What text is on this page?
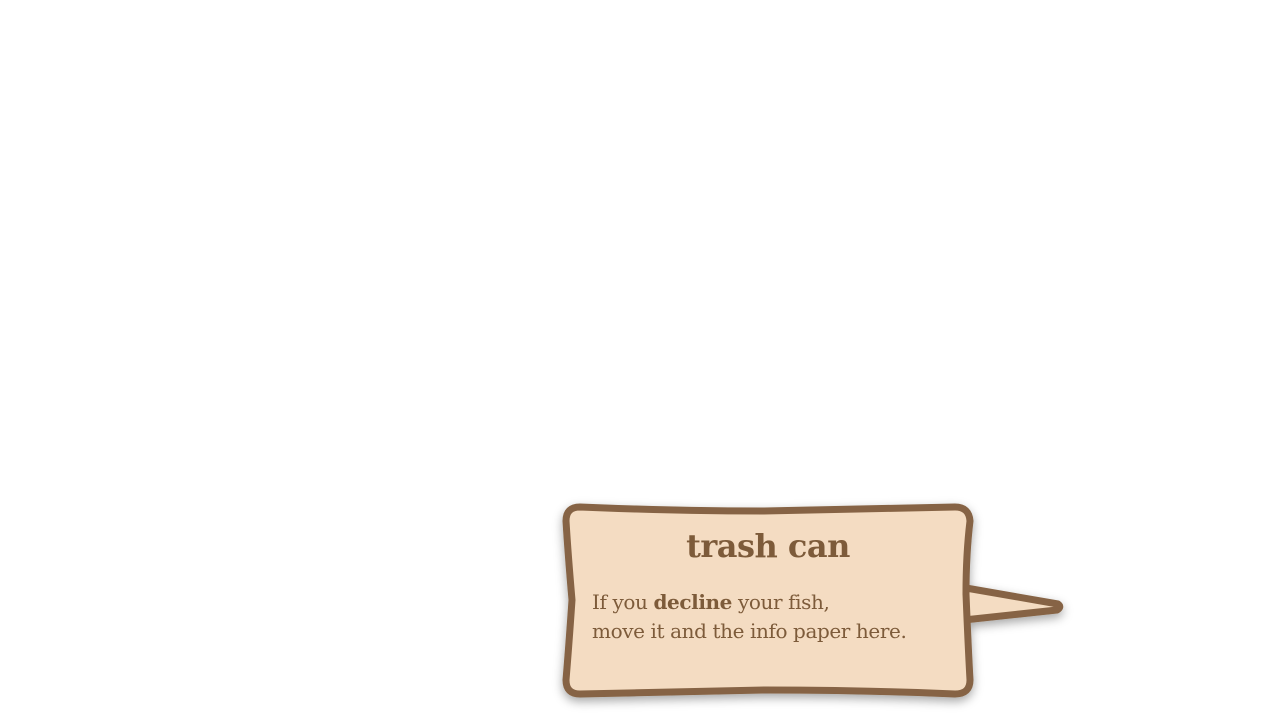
trash can

If you decline your fish,
move it and the info paper here.
